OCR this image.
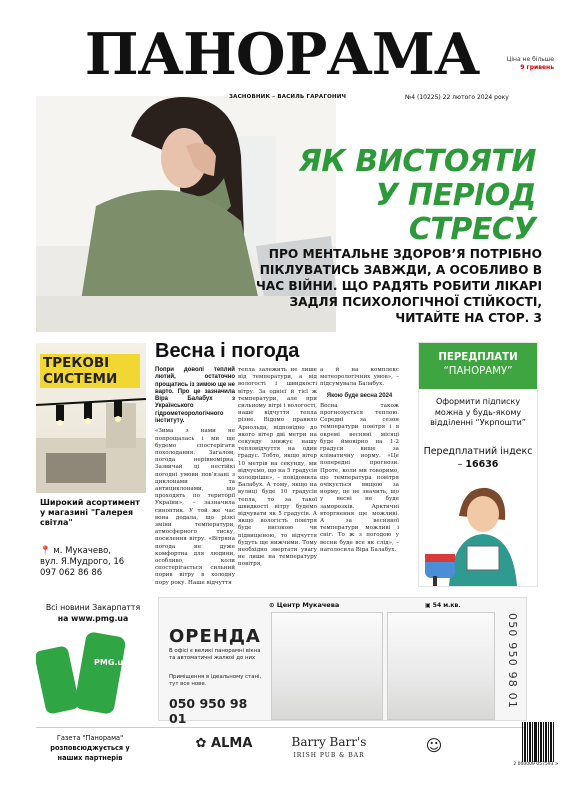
ПАНОРАМА	Ціна не більше
9 гривень
ЗАСНОВНИК – ВАСИЛЬ ГАРАГОНИЧ	№4 (10225) 22 лютого 2024 року
ЯК ВИСТОЯТИ
У ПЕРІОД СТРЕСУ
ПРО МЕНТАЛЬНЕ ЗДОРОВ’Я ПОТРІБНО ПІКЛУВАТИСЬ ЗАВЖДИ, А ОСОБЛИВО В ЧАС ВІЙНИ. ЩО РАДЯТЬ РОБИТИ ЛІКАРІ ЗАДЛЯ ПСИХОЛОГІЧНОЇ СТІЙКОСТІ, ЧИТАЙТЕ НА СТОР. 3
ТРЕКОВІ СИСТЕМИ
Широкий асортимент у магазині "Галерея світла"
📍 м. Мукачево,
вул. Я.Мудрого, 16
097 062 86 86
Весна і погода

Попри доволі теплий лютий, остаточно прощатись із зимою ще не варто. Про це зазначила Віра Балабух з Українського гідрометеорологічного інституту.

«Зима з нами не попрощалась і ми ще будемо спостерігати похолодання. Загалом, погода нерівномірна. Зазвичай ці нестійкі погодні умови пов’язані з циклонами та антициклонами, що проходять по території України», – зазначила синоптик. У той же час вона додала, що різкі зміни температури, атмосферного тиску, посилення вітру. «Вітряна погода не дуже комфортна для людини, особливо, коли спостерігається сильний порив вітру в холодну пору року. Наше відчуття

тепла залежить не лише від температури, а від вологості і швидкості вітру. За однієї й тієї ж температури, але при сильному вітрі і вологості, наше відчуття тепла різне. Відомо правило Арнольда, відповідно до якого вітер дві метри на секунду знижує нашу тепловідчуття на один градус. Тобто, якщо вітер 10 метрів на секунду, ми відчуємо, що на 5 градусів холодніше», – повідомила Балабух. А тому, якщо на вулиці буде 10 градусів тепла, то за такої швидкості вітру будемо відчувати як 5 градусів. А якщо вологість повітря буде високою чи підвищеною, то відчуття будуть ще нижчими. Тому необхідно звертати увагу не лише на температуру повітря,

а й на комплекс метеорологічних умов», – підсумувала Балабух.

Якою буде весна 2024

Весна також прогнозується теплою. Середні за сезон температури повітря і в окремі весняні місяці буде ймовірно на 1-2 градуси вище за кліматичну норму. «Це попередні прогнози. Проте, коли ми говоримо, що температура повітря очікується вищою за норму, це не значить, що у весні не буде заморозків. Арктичні вторгнення ще можливі. А за весняної температури можливі і сніг. То ж з погодою у весни буде все як слід», – наголосила Віра Балабух.

ПЕРЕДПЛАТИ
“ПАНОРАМУ”
Оформити підписку можна у будь-якому відділенні “Укрпошти”
Передплатний індекс – 16636
Всі новини Закарпаття
на www.pmg.ua
PMG.ua
⊙ Центр Мукачева	▣ 54 м.кв.
ОРЕНДА
В офісі є великі панорамні вікна та автоматичні жалюзі до них
Приміщення в ідеальному стані, тут все нове.
050 950 98 01
050 950 98 01
Газета "Панорама"
розповсюджується у наших партнерів
✿ ALMA	Barry Barr's
IRISH PUB & BAR
☺
2 000009 057593 >
